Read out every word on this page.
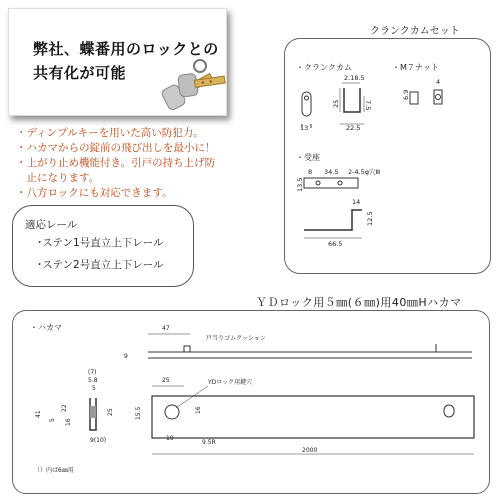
弊社、蝶番用のロックとの
共有化が可能
・ディンプルキーを用いた高い防犯力。
・ハカマからの錠前の飛び出しを最小に！
・上がり止め機能付き。引戸の持ち上げ防
　止になります。
・八方ロックにも対応できます。
適応レール
･ステン1号直立上下レール
･ステン2号直立上下レール
クランクカムセット
・クランクカム	・M７ナット
・受座
13
25	7.5
2.18.5
22.5
4
6.9
8 34.5 2-4.5φ穴Ⅲ
13.5
14
12.5
66.5
ＹＤロック用５㎜(６㎜)用40㎜Hハカマ
・ハカマ	47
戸当りゴムクッション
9
(7)
5.8
5
22
41
5 16
25
9(10)
25
15.5	16
YDロック用鍵穴
19
9.5R
2000
（）内は6㎜用
